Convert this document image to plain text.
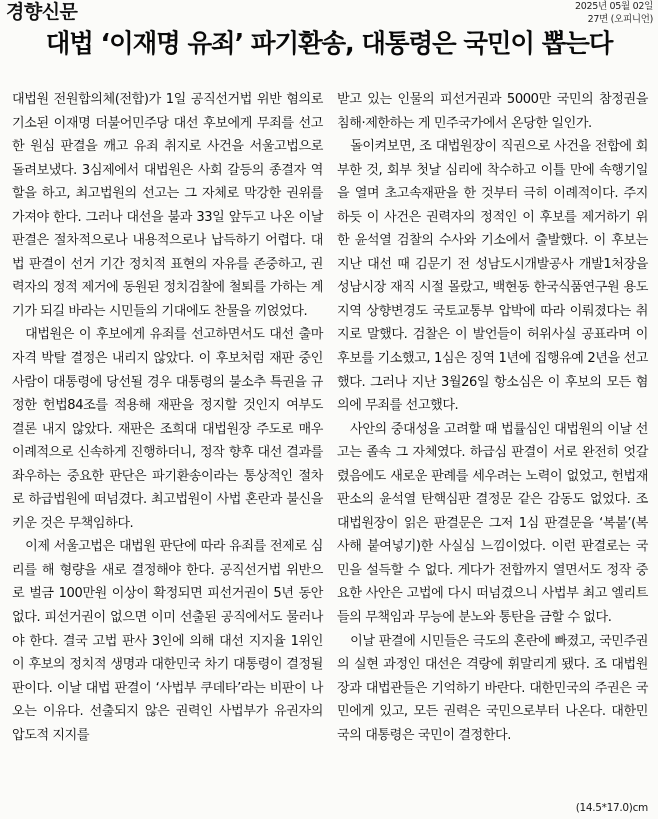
경향신문	2025년 05월 02일
27면 (오피니언)
대법 ‘이재명 유죄’ 파기환송, 대통령은 국민이 뽑는다

대법원 전원합의체(전합)가 1일 공직선거법 위반 혐의로 기소된 이재명 더불어민주당 대선 후보에게 무죄를 선고한 원심 판결을 깨고 유죄 취지로 사건을 서울고법으로 돌려보냈다. 3심제에서 대법원은 사회 갈등의 종결자 역할을 하고, 최고법원의 선고는 그 자체로 막강한 권위를 가져야 한다. 그러나 대선을 불과 33일 앞두고 나온 이날 판결은 절차적으로나 내용적으로나 납득하기 어렵다. 대법 판결이 선거 기간 정치적 표현의 자유를 존중하고, 권력자의 정적 제거에 동원된 정치검찰에 철퇴를 가하는 계기가 되길 바라는 시민들의 기대에도 찬물을 끼얹었다.

대법원은 이 후보에게 유죄를 선고하면서도 대선 출마 자격 박탈 결정은 내리지 않았다. 이 후보처럼 재판 중인 사람이 대통령에 당선될 경우 대통령의 불소추 특권을 규정한 헌법84조를 적용해 재판을 정지할 것인지 여부도 결론 내지 않았다. 재판은 조희대 대법원장 주도로 매우 이례적으로 신속하게 진행하더니, 정작 향후 대선 결과를 좌우하는 중요한 판단은 파기환송이라는 통상적인 절차로 하급법원에 떠넘겼다. 최고법원이 사법 혼란과 불신을 키운 것은 무책임하다.

이제 서울고법은 대법원 판단에 따라 유죄를 전제로 심리를 해 형량을 새로 결정해야 한다. 공직선거법 위반으로 벌금 100만원 이상이 확정되면 피선거권이 5년 동안 없다. 피선거권이 없으면 이미 선출된 공직에서도 물러나야 한다. 결국 고법 판사 3인에 의해 대선 지지율 1위인 이 후보의 정치적 생명과 대한민국 차기 대통령이 결정될 판이다. 이날 대법 판결이 ‘사법부 쿠데타’라는 비판이 나오는 이유다. 선출되지 않은 권력인 사법부가 유권자의 압도적 지지를

받고 있는 인물의 피선거권과 5000만 국민의 참정권을 침해·제한하는 게 민주국가에서 온당한 일인가.

돌이켜보면, 조 대법원장이 직권으로 사건을 전합에 회부한 것, 회부 첫날 심리에 착수하고 이틀 만에 속행기일을 열며 초고속재판을 한 것부터 극히 이례적이다. 주지하듯 이 사건은 권력자의 정적인 이 후보를 제거하기 위한 윤석열 검찰의 수사와 기소에서 출발했다. 이 후보는 지난 대선 때 김문기 전 성남도시개발공사 개발1처장을 성남시장 재직 시절 몰랐고, 백현동 한국식품연구원 용도지역 상향변경도 국토교통부 압박에 따라 이뤄졌다는 취지로 말했다. 검찰은 이 발언들이 허위사실 공표라며 이 후보를 기소했고, 1심은 징역 1년에 집행유예 2년을 선고했다. 그러나 지난 3월26일 항소심은 이 후보의 모든 혐의에 무죄를 선고했다.

사안의 중대성을 고려할 때 법률심인 대법원의 이날 선고는 졸속 그 자체였다. 하급심 판결이 서로 완전히 엇갈렸음에도 새로운 판례를 세우려는 노력이 없었고, 헌법재판소의 윤석열 탄핵심판 결정문 같은 감동도 없었다. 조 대법원장이 읽은 판결문은 그저 1심 판결문을 ‘복붙’(복사해 붙여넣기)한 사실심 느낌이었다. 이런 판결로는 국민을 설득할 수 없다. 게다가 전합까지 열면서도 정작 중요한 사안은 고법에 다시 떠넘겼으니 사법부 최고 엘리트들의 무책임과 무능에 분노와 통탄을 금할 수 없다.

이날 판결에 시민들은 극도의 혼란에 빠졌고, 국민주권의 실현 과정인 대선은 격랑에 휘말리게 됐다. 조 대법원장과 대법관들은 기억하기 바란다. 대한민국의 주권은 국민에게 있고, 모든 권력은 국민으로부터 나온다. 대한민국의 대통령은 국민이 결정한다.

(14.5*17.0)cm
